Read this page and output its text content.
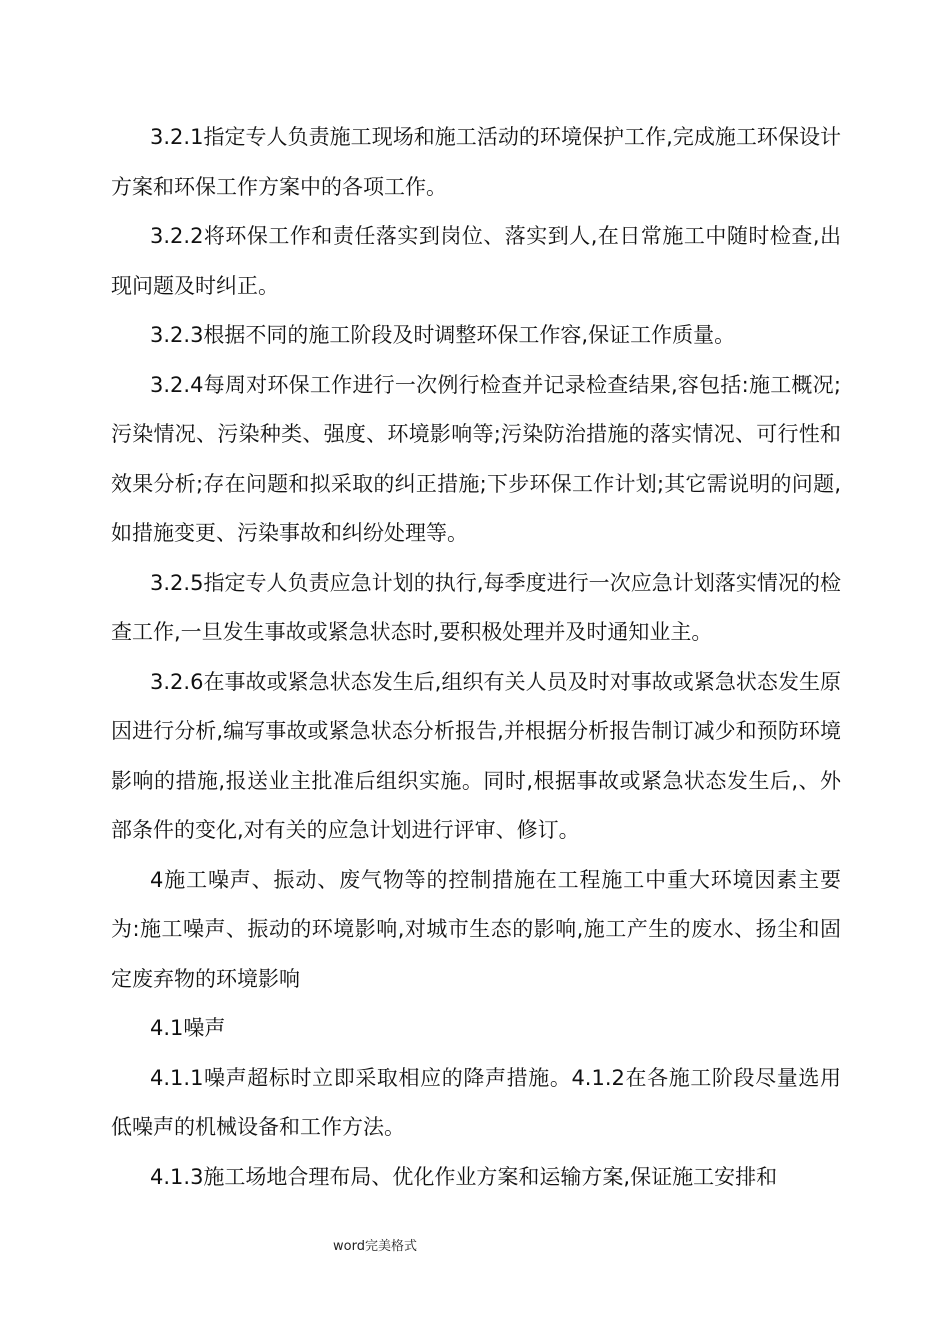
3.2.1指定专人负责施工现场和施工活动的环境保护工作,完成施工环保设计方案和环保工作方案中的各项工作。

3.2.2将环保工作和责任落实到岗位、落实到人,在日常施工中随时检查,出现问题及时纠正。

3.2.3根据不同的施工阶段及时调整环保工作容,保证工作质量。

3.2.4每周对环保工作进行一次例行检查并记录检查结果,容包括:施工概况;污染情况、污染种类、强度、环境影响等;污染防治措施的落实情况、可行性和效果分析;存在问题和拟采取的纠正措施;下步环保工作计划;其它需说明的问题,如措施变更、污染事故和纠纷处理等。

3.2.5指定专人负责应急计划的执行,每季度进行一次应急计划落实情况的检查工作,一旦发生事故或紧急状态时,要积极处理并及时通知业主。

3.2.6在事故或紧急状态发生后,组织有关人员及时对事故或紧急状态发生原因进行分析,编写事故或紧急状态分析报告,并根据分析报告制订减少和预防环境影响的措施,报送业主批准后组织实施。同时,根据事故或紧急状态发生后,、外部条件的变化,对有关的应急计划进行评审、修订。

4施工噪声、振动、废气物等的控制措施在工程施工中重大环境因素主要为:施工噪声、振动的环境影响,对城市生态的影响,施工产生的废水、扬尘和固定废弃物的环境影响

4.1噪声

4.1.1噪声超标时立即采取相应的降声措施。4.1.2在各施工阶段尽量选用低噪声的机械设备和工作方法。

4.1.3施工场地合理布局、优化作业方案和运输方案,保证施工安排和

word完美格式
